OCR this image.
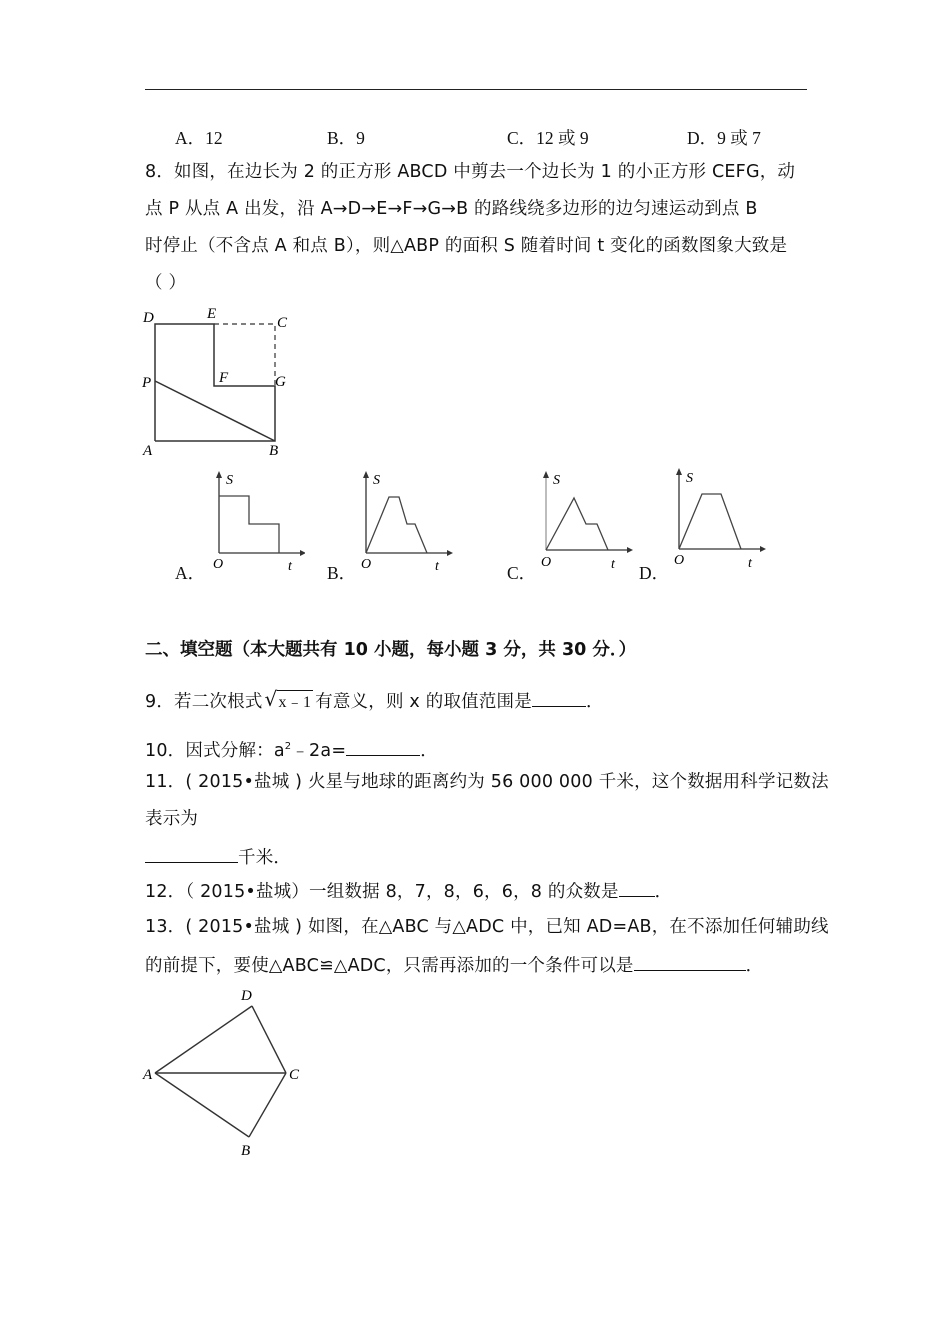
A．12	B．9	C．12 或 9	D．9 或 7
8．如图，在边长为 2 的正方形 ABCD 中剪去一个边长为 1 的小正方形 CEFG，动
点 P 从点 A 出发，沿 A→D→E→F→G→B 的路线绕多边形的边匀速运动到点 B
时停止（不含点 A 和点 B），则△ABP 的面积 S 随着时间 t 变化的函数图象大致是
（ ）
D	E
C
F	G
P
A	B
S
O	t
A．
S
O	t
B．
S
O	t
C．
S
O	t
D．
二、填空题（本大题共有 10 小题，每小题 3 分，共 30 分．）
9．若二次根式 √ x﹣1 有意义，则 x 的取值范围是	．
10．因式分解：$a^2﹣2a=$	．
11．( 2015•盐城 ) 火星与地球的距离约为 56 000 000 千米，这个数据用科学记数法
表示为
千米．
12．（ 2015•盐城）一组数据 8，7，8，6，6，8 的众数是 ．
13．( 2015•盐城 ) 如图，在△ABC 与△ADC 中，已知 AD=AB，在不添加任何辅助线
的前提下，要使△ABC≌△ADC，只需再添加的一个条件可以是	．
D
A	C
B
